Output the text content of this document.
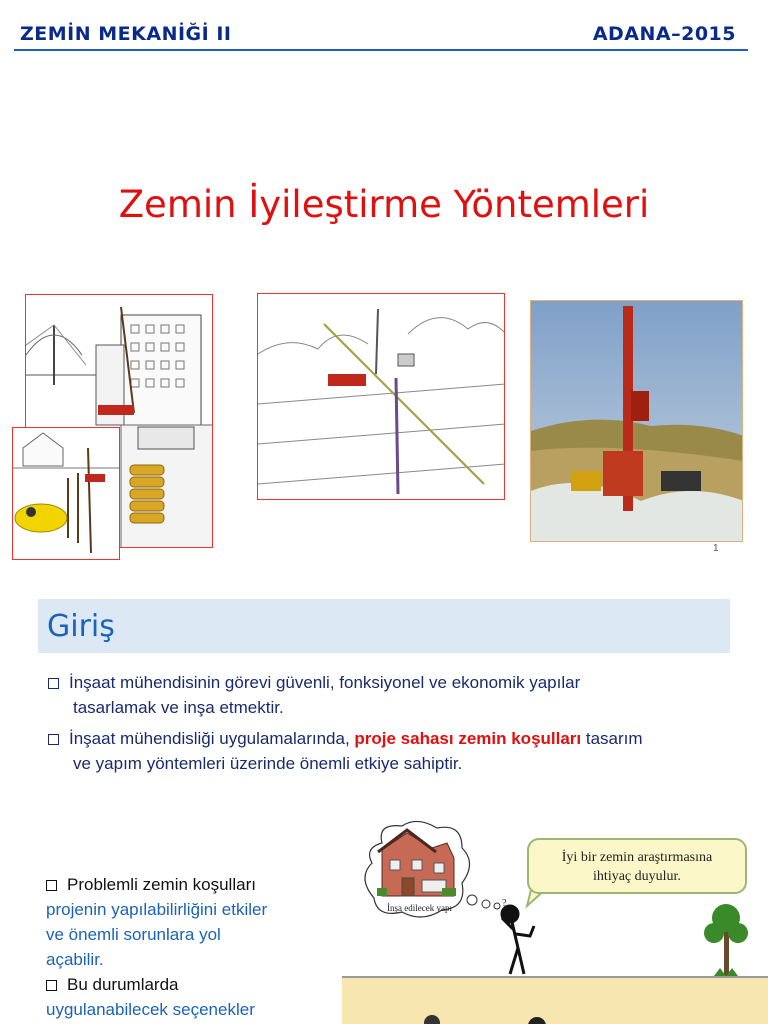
ZEMİN MEKANİĞİ II	ADANA–2015
Zemin İyileştirme Yöntemleri
1
Giriş
İnşaat mühendisinin görevi güvenli, fonksiyonel ve ekonomik yapılar
tasarlamak ve inşa etmektir.
İnşaat mühendisliği uygulamalarında, proje sahası zemin koşulları tasarım
ve yapım yöntemleri üzerinde önemli etkiye sahiptir.
Problemli zemin koşulları
projenin yapılabilirliğini etkiler
ve önemli sorunlara yol
açabilir.
Bu durumlarda
uygulanabilecek seçenekler
?
İyi bir zemin araştırmasına
ihtiyaç duyulur.
İnşa edilecek yapı
